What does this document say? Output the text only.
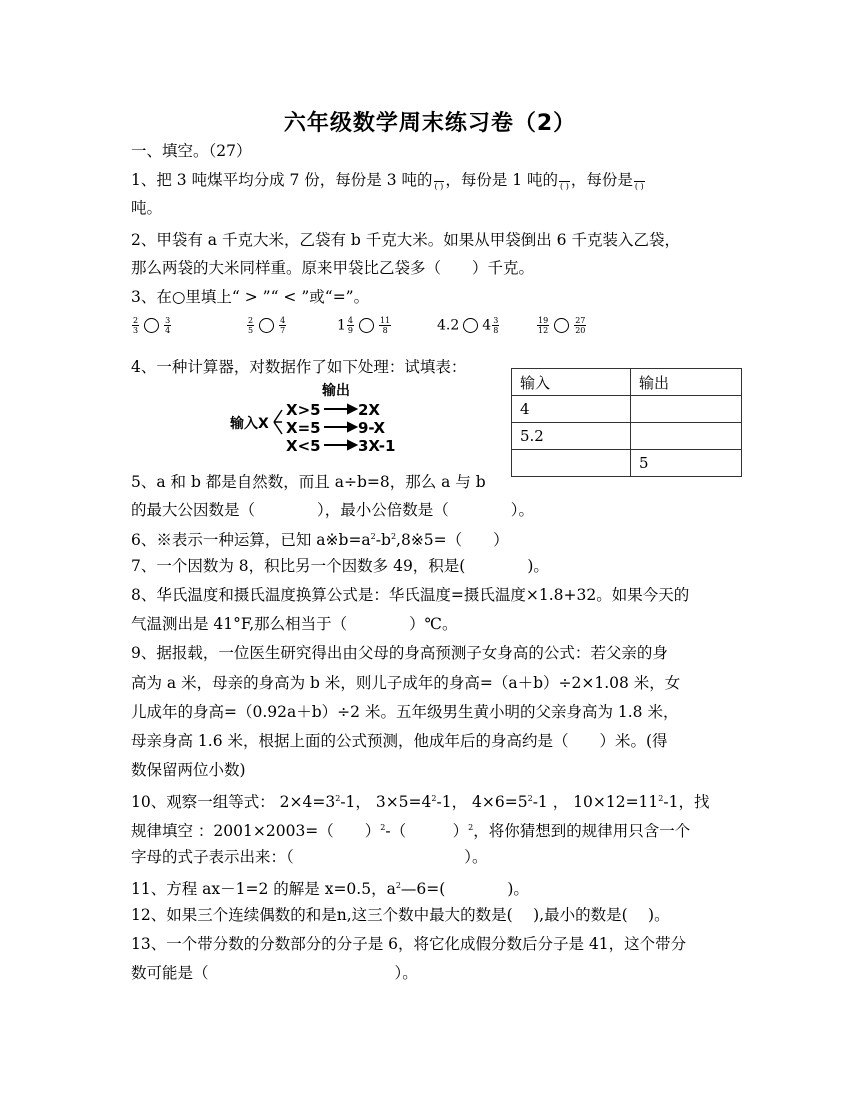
六年级数学周末练习卷（2）
一、填空。（27）
1、把 3 吨煤平均分成 7 份，每份是 3 吨的
( ) ，每份是 1 吨的
( ) ，每份是
( )
吨。
2、甲袋有 a 千克大米，乙袋有 b 千克大米。如果从甲袋倒出 6 千克装入乙袋，
那么两袋的大米同样重。原来甲袋比乙袋多（　　）千克。
3、在○里填上“ > ”“ < ”或“=”。
$\frac{2}{3}$	$\frac{3}{4}$	$\frac{2}{5}$	$\frac{4}{7}$	$1 \frac{4}{9}$	$\frac{11}{8}$	4.2 $4 \frac{3}{8}$	$\frac{19}{12}$	$\frac{27}{20}$
4、一种计算器，对数据作了如下处理：试填表：
输出
输入X
X>5
X=5
X<5
2X
9-X
3X-1
输入	输出
4	
5.2	
	5
5、a 和 b 都是自然数，而且 a÷b=8，那么 a 与 b
的最大公因数是（　　　　），最小公倍数是（　　　　）。
6、※表示一种运算，已知 $a※b=a^2-b^2,8※5=$（　　）
7、一个因数为 8，积比另一个因数多 49，积是(　　　　)。
8、华氏温度和摄氏温度换算公式是：华氏温度=摄氏温度×1.8+32。如果今天的
气温测出是 41°F,那么相当于（　　　　）℃。
9、据报载，一位医生研究得出由父母的身高预测子女身高的公式：若父亲的身
高为 a 米，母亲的身高为 b 米，则儿子成年的身高=（a＋b）÷2×1.08 米，女
儿成年的身高=（0.92a＋b）÷2 米。五年级男生黄小明的父亲身高为 1.8 米，
母亲身高 1.6 米，根据上面的公式预测，他成年后的身高约是（　　）米。(得
数保留两位小数)
10、观察一组等式： $2\times 4=3^2-1$， $3\times 5=4^2-1$， $4\times 6=5^2-1$ ， $10\times 12=11^2-1$，找
规律填空 ：2001×2003=（　　）$^2$-（　　　）$^2$，将你猜想到的规律用只含一个
字母的式子表示出来：（　　　　　　　　　　　）。
11、方程 ax－1=2 的解是 x=0.5，$a^2—6=$(　　　　)。
12、如果三个连续偶数的和是n,这三个数中最大的数是(　 ),最小的数是(　 )。
13、一个带分数的分数部分的分子是 6，将它化成假分数后分子是 41，这个带分
数可能是（　　　　　　　　　　　　）。
